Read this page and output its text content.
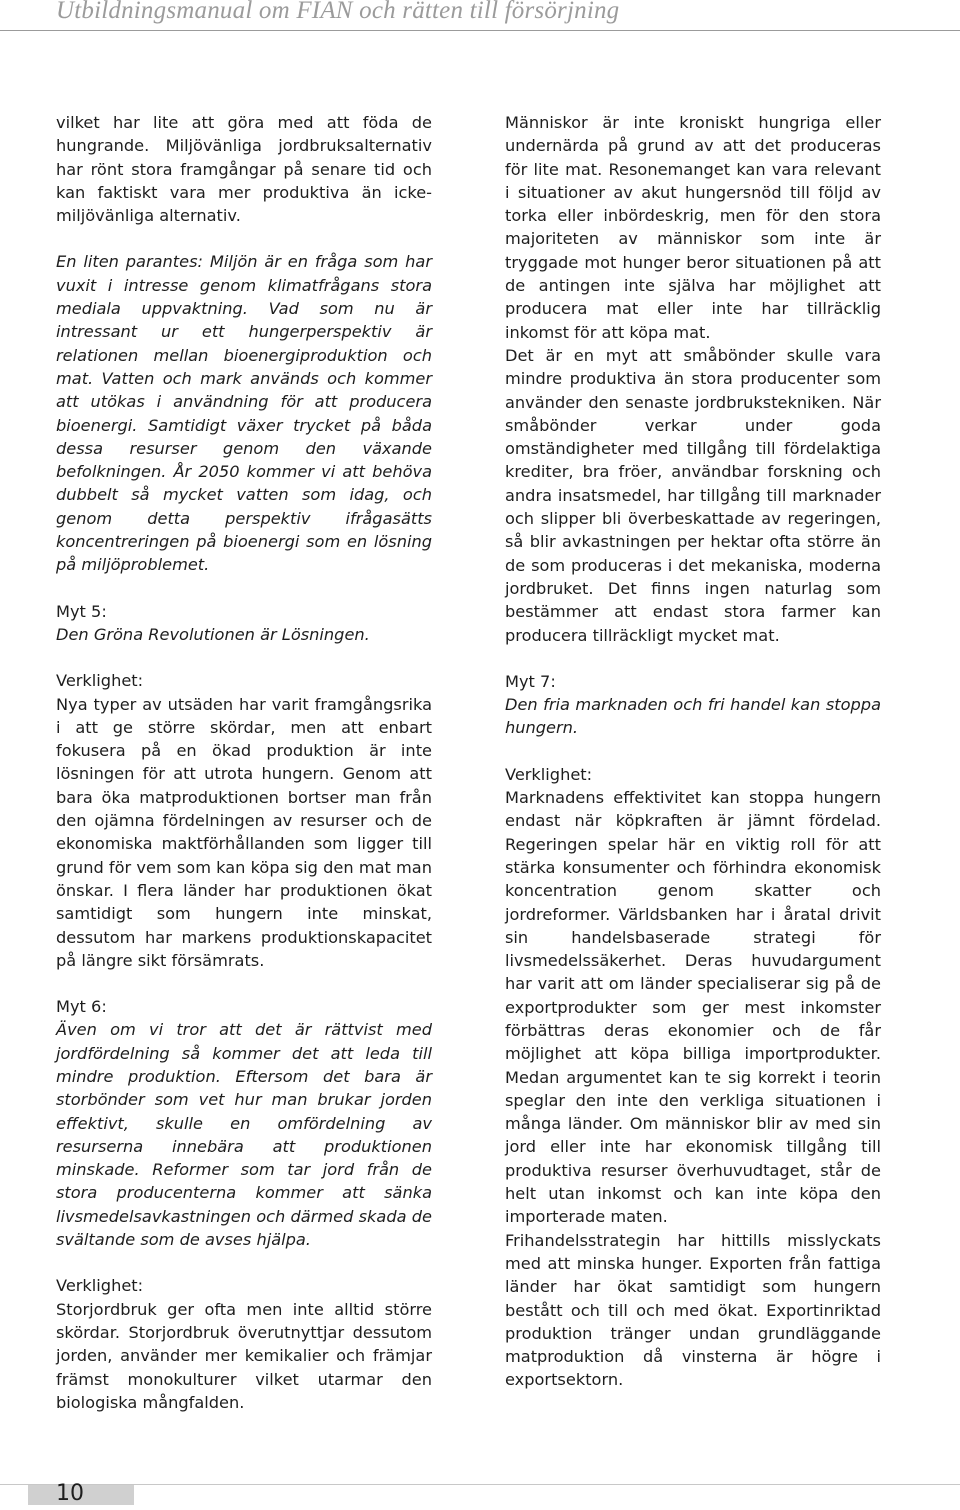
Utbildningsmanual om FIAN och rätten till försörjning

vilket har lite att göra med att föda de hungrande. Miljövänliga jordbruksalternativ har rönt stora framgångar på senare tid och kan faktiskt vara mer produktiva än icke-miljövänliga alternativ.

En liten parantes: Miljön är en fråga som har vuxit i intresse genom klimatfrågans stora mediala uppvaktning. Vad som nu är intressant ur ett hungerperspektiv är relationen mellan bioenergiproduktion och mat. Vatten och mark används och kommer att utökas i användning för att producera bioenergi. Samtidigt växer trycket på båda dessa resurser genom den växande befolkningen. År 2050 kommer vi att behöva dubbelt så mycket vatten som idag, och genom detta perspektiv ifrågasätts koncentreringen på bioenergi som en lösning på miljöproblemet.

Myt 5:

Den Gröna Revolutionen är Lösningen.

Verklighet:

Nya typer av utsäden har varit framgångsrika i att ge större skördar, men att enbart fokusera på en ökad produktion är inte lösningen för att utrota hungern. Genom att bara öka matproduktionen bortser man från den ojämna fördelningen av resurser och de ekonomiska maktförhållanden som ligger till grund för vem som kan köpa sig den mat man önskar. I flera länder har produktionen ökat samtidigt som hungern inte minskat, dessutom har markens produktionskapacitet på längre sikt försämrats.

Myt 6:

Även om vi tror att det är rättvist med jordfördelning så kommer det att leda till mindre produktion. Eftersom det bara är storbönder som vet hur man brukar jorden effektivt, skulle en omfördelning av resurserna innebära att produktionen minskade. Reformer som tar jord från de stora producenterna kommer att sänka livsmedelsavkastningen och därmed skada de svältande som de avses hjälpa.

Verklighet:

Storjordbruk ger ofta men inte alltid större skördar. Storjordbruk överutnyttjar dessutom jorden, använder mer kemikalier och främjar främst monokulturer vilket utarmar den biologiska mångfalden.

Människor är inte kroniskt hungriga eller undernärda på grund av att det produceras för lite mat. Resonemanget kan vara relevant i situationer av akut hungersnöd till följd av torka eller inbördeskrig, men för den stora majoriteten av människor som inte är tryggade mot hunger beror situationen på att de antingen inte själva har möjlighet att producera mat eller inte har tillräcklig inkomst för att köpa mat.

Det är en myt att småbönder skulle vara mindre produktiva än stora producenter som använder den senaste jordbrukstekniken. När småbönder verkar under goda omständigheter med tillgång till fördelaktiga krediter, bra fröer, användbar forskning och andra insatsmedel, har tillgång till marknader och slipper bli överbeskattade av regeringen, så blir avkastningen per hektar ofta större än de som produceras i det mekaniska, moderna jordbruket. Det finns ingen naturlag som bestämmer att endast stora farmer kan producera tillräckligt mycket mat.

Myt 7:

Den fria marknaden och fri handel kan stoppa hungern.

Verklighet:

Marknadens effektivitet kan stoppa hungern endast när köpkraften är jämnt fördelad. Regeringen spelar här en viktig roll för att stärka konsumenter och förhindra ekonomisk koncentration genom skatter och jordreformer. Världsbanken har i åratal drivit sin handelsbaserade strategi för livsmedelssäkerhet. Deras huvudargument har varit att om länder specialiserar sig på de exportprodukter som ger mest inkomster förbättras deras ekonomier och de får möjlighet att köpa billiga importprodukter. Medan argumentet kan te sig korrekt i teorin speglar den inte den verkliga situationen i många länder. Om människor blir av med sin jord eller inte har ekonomisk tillgång till produktiva resurser överhuvudtaget, står de helt utan inkomst och kan inte köpa den importerade maten.

Frihandelsstrategin har hittills misslyckats med att minska hunger. Exporten från fattiga länder har ökat samtidigt som hungern bestått och till och med ökat. Exportinriktad produktion tränger undan grundläggande matproduktion då vinsterna är högre i exportsektorn.

10
